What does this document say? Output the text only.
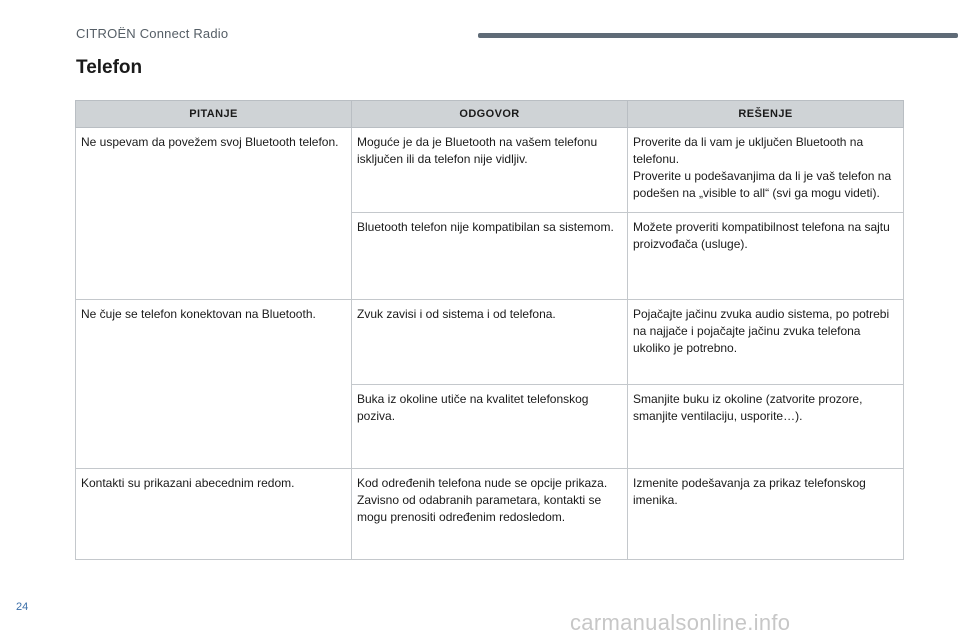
CITROËN Connect Radio
Telefon
PITANJE	ODGOVOR	REŠENJE
Ne uspevam da povežem svoj Bluetooth telefon.	Moguće je da je Bluetooth na vašem telefonu isključen ili da telefon nije vidljiv.	Proverite da li vam je uključen Bluetooth na telefonu.
Proverite u podešavanjima da li je vaš telefon na podešen na „visible to all“ (svi ga mogu videti).
	Bluetooth telefon nije kompatibilan sa sistemom.	Možete proveriti kompatibilnost telefona na sajtu proizvođača (usluge).
Ne čuje se telefon konektovan na Bluetooth.	Zvuk zavisi i od sistema i od telefona.	Pojačajte jačinu zvuka audio sistema, po potrebi na najjače i pojačajte jačinu zvuka telefona ukoliko je potrebno.
	Buka iz okoline utiče na kvalitet telefonskog poziva.	Smanjite buku iz okoline (zatvorite prozore, smanjite ventilaciju, usporite…).
Kontakti su prikazani abecednim redom.	Kod određenih telefona nude se opcije prikaza. Zavisno od odabranih parametara, kontakti se mogu prenositi određenim redosledom.	Izmenite podešavanja za prikaz telefonskog imenika.
24
carmanualsonline.info
